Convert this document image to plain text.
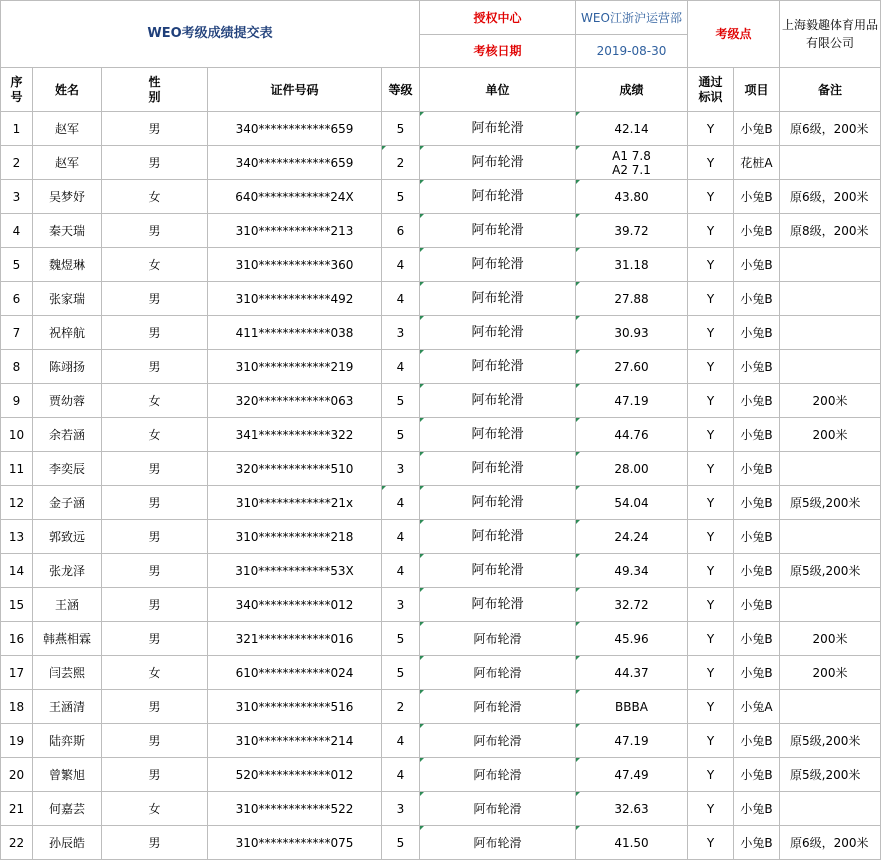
WEO考级成绩提交表					授权中心	WEO江浙沪运营部	考级点		上海毅趣体育用品有限公司
					考核日期	2019-08-30			

序号	姓名	性别	证件号码	等级	单位	成绩	通过标识	项目	备注
1	赵军	男	340************659	5	阿布轮滑	42.14	Y	小兔B	原6级，200米
2	赵军	男	340************659	2	阿布轮滑	A1 7.8
A2 7.1	Y	花桩A	
3	吴梦妤	女	640************24X	5	阿布轮滑	43.80	Y	小兔B	原6级，200米
4	秦天瑞	男	310************213	6	阿布轮滑	39.72	Y	小兔B	原8级，200米
5	魏煜琳	女	310************360	4	阿布轮滑	31.18	Y	小兔B	
6	张家瑞	男	310************492	4	阿布轮滑	27.88	Y	小兔B	
7	祝梓航	男	411************038	3	阿布轮滑	30.93	Y	小兔B	
8	陈翊扬	男	310************219	4	阿布轮滑	27.60	Y	小兔B	
9	贾幼蓉	女	320************063	5	阿布轮滑	47.19	Y	小兔B	200米
10	余若涵	女	341************322	5	阿布轮滑	44.76	Y	小兔B	200米
11	李奕辰	男	320************510	3	阿布轮滑	28.00	Y	小兔B	
12	金子涵	男	310************21x	4	阿布轮滑	54.04	Y	小兔B	原5级,200米
13	郭致远	男	310************218	4	阿布轮滑	24.24	Y	小兔B	
14	张龙泽	男	310************53X	4	阿布轮滑	49.34	Y	小兔B	原5级,200米
15	王涵	男	340************012	3	阿布轮滑	32.72	Y	小兔B	
16	韩燕相霖	男	321************016	5	阿布轮滑	45.96	Y	小兔B	200米
17	闫芸熙	女	610************024	5	阿布轮滑	44.37	Y	小兔B	200米
18	王涵清	男	310************516	2	阿布轮滑	BBBA	Y	小兔A	
19	陆弈斯	男	310************214	4	阿布轮滑	47.19	Y	小兔B	原5级,200米
20	曾繁旭	男	520************012	4	阿布轮滑	47.49	Y	小兔B	原5级,200米
21	何嘉芸	女	310************522	3	阿布轮滑	32.63	Y	小兔B	
22	孙辰皓	男	310************075	5	阿布轮滑	41.50	Y	小兔B	原6级，200米
